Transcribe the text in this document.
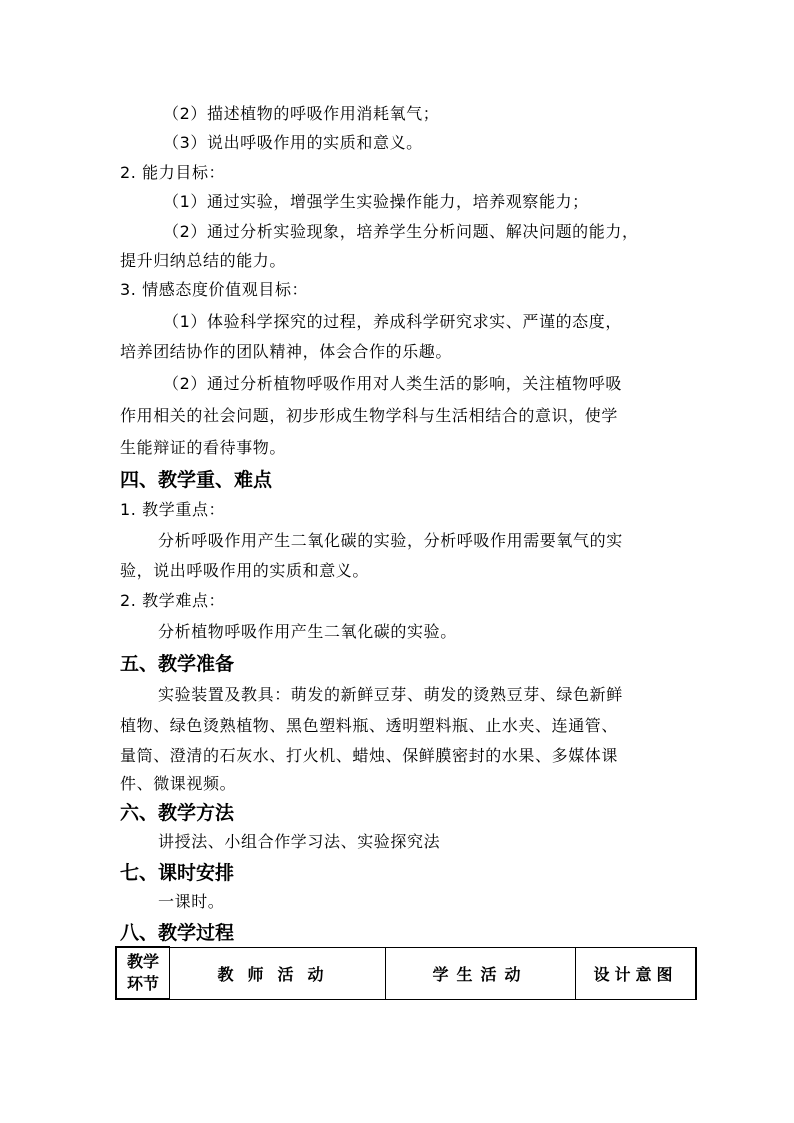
（2）描述植物的呼吸作用消耗氧气；
（3）说出呼吸作用的实质和意义。
2. 能力目标：
（1）通过实验，增强学生实验操作能力，培养观察能力；
（2）通过分析实验现象，培养学生分析问题、解决问题的能力，
提升归纳总结的能力。
3. 情感态度价值观目标：
（1）体验科学探究的过程，养成科学研究求实、严谨的态度，
培养团结协作的团队精神，体会合作的乐趣。
（2）通过分析植物呼吸作用对人类生活的影响，关注植物呼吸
作用相关的社会问题，初步形成生物学科与生活相结合的意识，使学
生能辩证的看待事物。
四、教学重、难点
1. 教学重点：
分析呼吸作用产生二氧化碳的实验，分析呼吸作用需要氧气的实
验，说出呼吸作用的实质和意义。
2. 教学难点：
分析植物呼吸作用产生二氧化碳的实验。
五、教学准备
实验装置及教具：萌发的新鲜豆芽、萌发的烫熟豆芽、绿色新鲜
植物、绿色烫熟植物、黑色塑料瓶、透明塑料瓶、止水夹、连通管、
量筒、澄清的石灰水、打火机、蜡烛、保鲜膜密封的水果、多媒体课
件、微课视频。
六、教学方法
讲授法、小组合作学习法、实验探究法
七、课时安排
一课时。
八、教学过程
教学
环节	教师活动	学生活动	设计意图
